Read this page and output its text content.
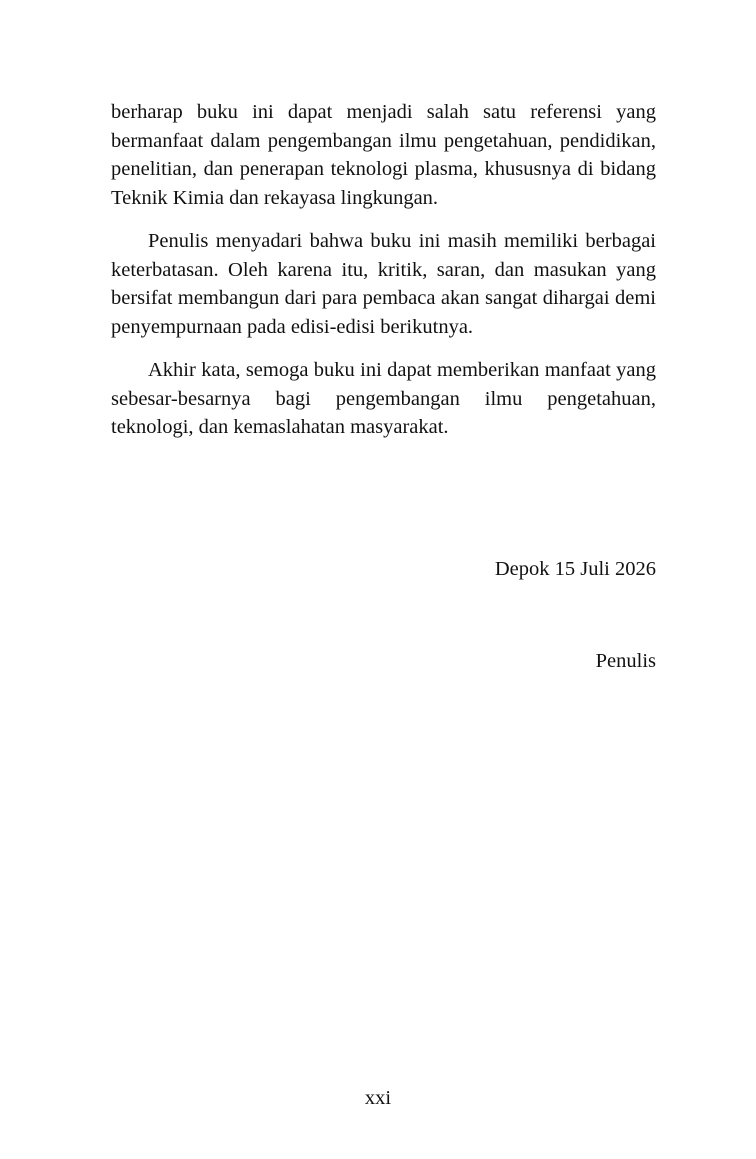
berharap buku ini dapat menjadi salah satu referensi yang bermanfaat dalam pengembangan ilmu pengetahuan, pendidikan, penelitian, dan penerapan teknologi plasma, khususnya di bidang Teknik Kimia dan rekayasa lingkungan.

Penulis menyadari bahwa buku ini masih memiliki berbagai keterbatasan. Oleh karena itu, kritik, saran, dan masukan yang bersifat membangun dari para pembaca akan sangat dihargai demi penyempurnaan pada edisi-edisi berikutnya.

Akhir kata, semoga buku ini dapat memberikan manfaat yang sebesar-besarnya bagi pengembangan ilmu pengetahuan, teknologi, dan kemaslahatan masyarakat.

Depok 15 Juli 2026
Penulis
xxi
